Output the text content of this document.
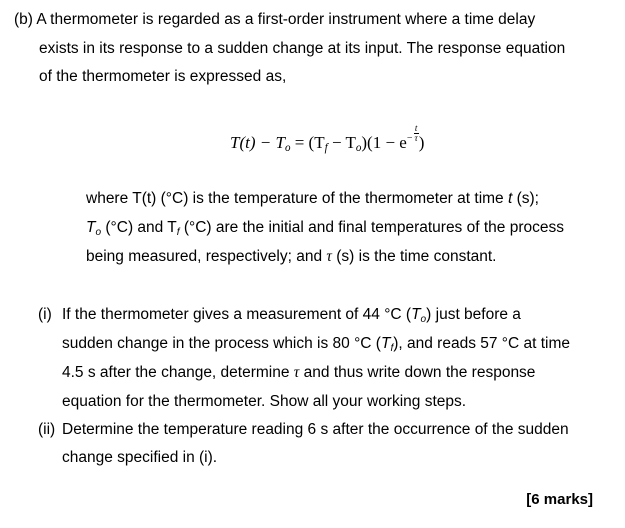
(b) A thermometer is regarded as a first-order instrument where a time delay
exists in its response to a sudden change at its input. The response equation
of the thermometer is expressed as,
$T(t) - T_o = (T_f - T_o)(1 - e^- \frac{t}{\tau}$ )
where T(t) (°C) is the temperature of the thermometer at time t (s);
$T_o$ (°C) and $T_f$ (°C) are the initial and final temperatures of the process
being measured, respectively; and τ (s) is the time constant.
(i) If the thermometer gives a measurement of 44 °C $(T_o)$ just before a
sudden change in the process which is 80 °C $(T_f)$, and reads 57 °C at time
4.5 s after the change, determine τ and thus write down the response
equation for the thermometer. Show all your working steps.
(ii) Determine the temperature reading 6 s after the occurrence of the sudden
change specified in (i).
[6 marks]
